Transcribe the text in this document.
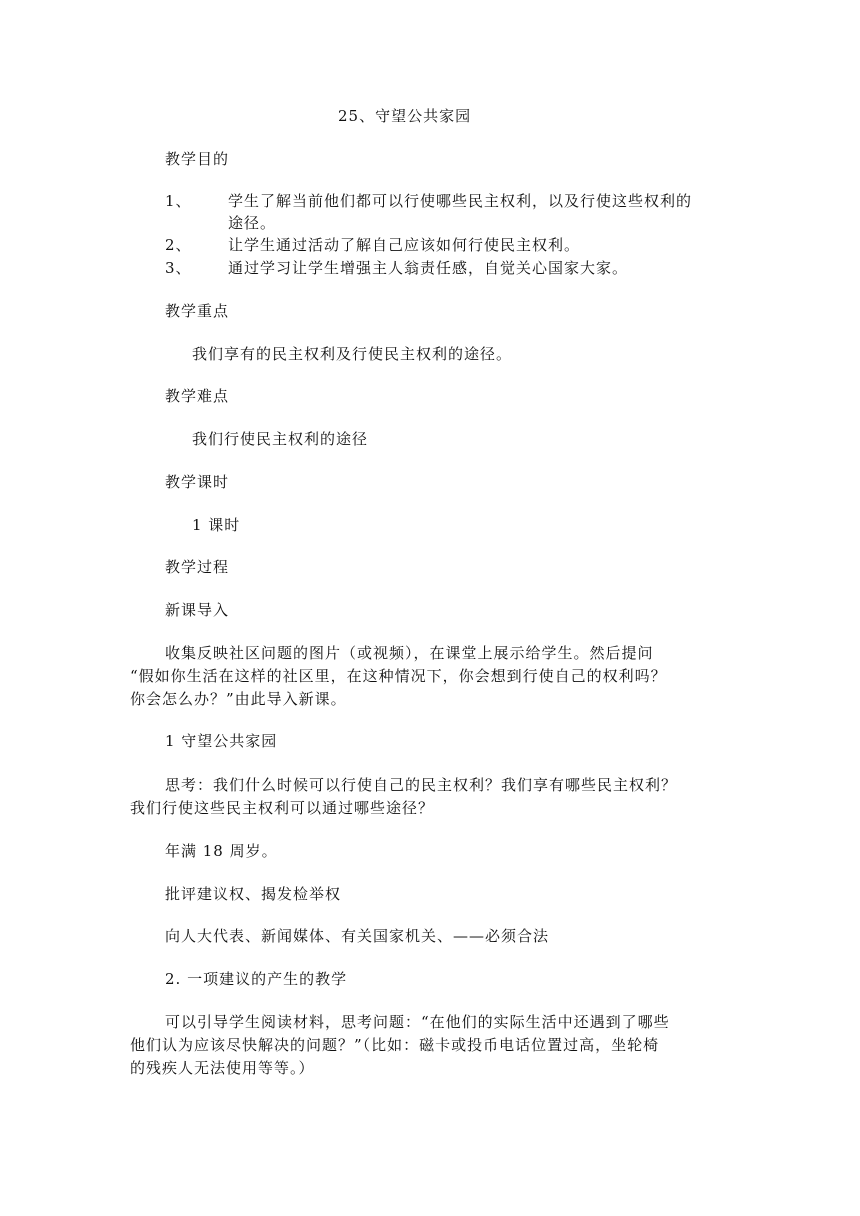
25、守望公共家园
教学目的
1、 学生了解当前他们都可以行使哪些民主权利，以及行使这些权利的
途径。
2、 让学生通过活动了解自己应该如何行使民主权利。
3、 通过学习让学生增强主人翁责任感，自觉关心国家大家。
教学重点
我们享有的民主权利及行使民主权利的途径。
教学难点
我们行使民主权利的途径
教学课时
1 课时
教学过程
新课导入
收集反映社区问题的图片（或视频），在课堂上展示给学生。然后提问
“假如你生活在这样的社区里，在这种情况下，你会想到行使自己的权利吗？
你会怎么办？”由此导入新课。
1 守望公共家园
思考：我们什么时候可以行使自己的民主权利？我们享有哪些民主权利？
我们行使这些民主权利可以通过哪些途径？
年满 18 周岁。
批评建议权、揭发检举权
向人大代表、新闻媒体、有关国家机关、——必须合法
2. 一项建议的产生的教学
可以引导学生阅读材料，思考问题：“在他们的实际生活中还遇到了哪些
他们认为应该尽快解决的问题？”（比如：磁卡或投币电话位置过高，坐轮椅
的残疾人无法使用等等。）
